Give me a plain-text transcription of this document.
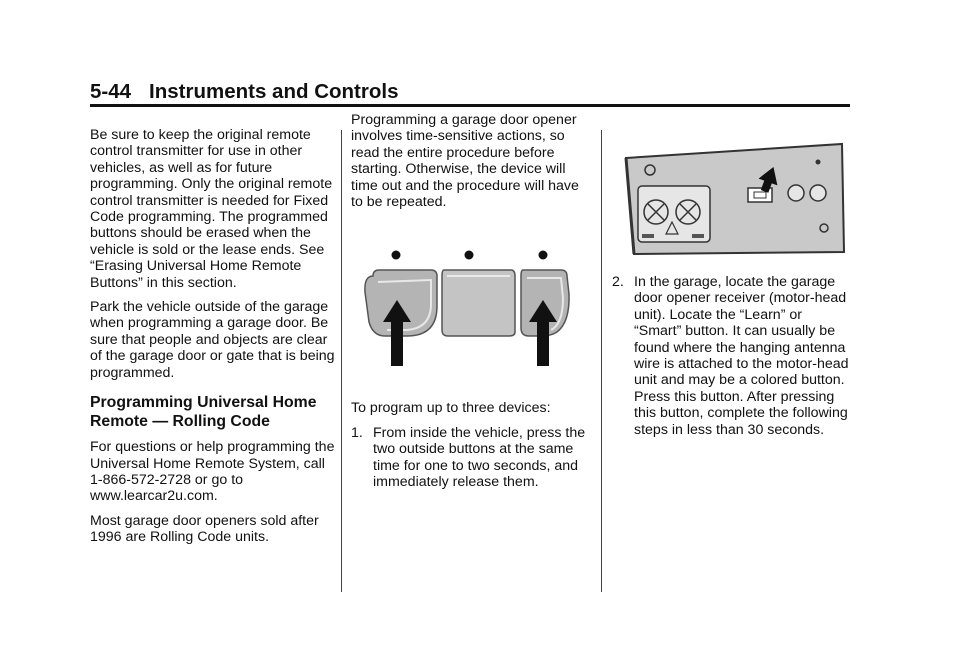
5-44 Instruments and Controls

Be sure to keep the original remote control transmitter for use in other vehicles, as well as for future programming. Only the original remote control transmitter is needed for Fixed Code programming. The programmed buttons should be erased when the vehicle is sold or the lease ends. See “Erasing Universal Home Remote Buttons” in this section.

Park the vehicle outside of the garage when programming a garage door. Be sure that people and objects are clear of the garage door or gate that is being programmed.

Programming Universal Home Remote — Rolling Code

For questions or help programming the Universal Home Remote System, call 1-866-572-2728 or go to www.learcar2u.com.

Most garage door openers sold after 1996 are Rolling Code units.

Programming a garage door opener involves time-sensitive actions, so read the entire procedure before starting. Otherwise, the device will time out and the procedure will have to be repeated.

To program up to three devices:

1. From inside the vehicle, press the two outside buttons at the same time for one to two seconds, and immediately release them.
2. In the garage, locate the garage door opener receiver (motor-head unit). Locate the “Learn” or “Smart” button. It can usually be found where the hanging antenna wire is attached to the motor-head unit and may be a colored button. Press this button. After pressing this button, complete the following steps in less than 30 seconds.
